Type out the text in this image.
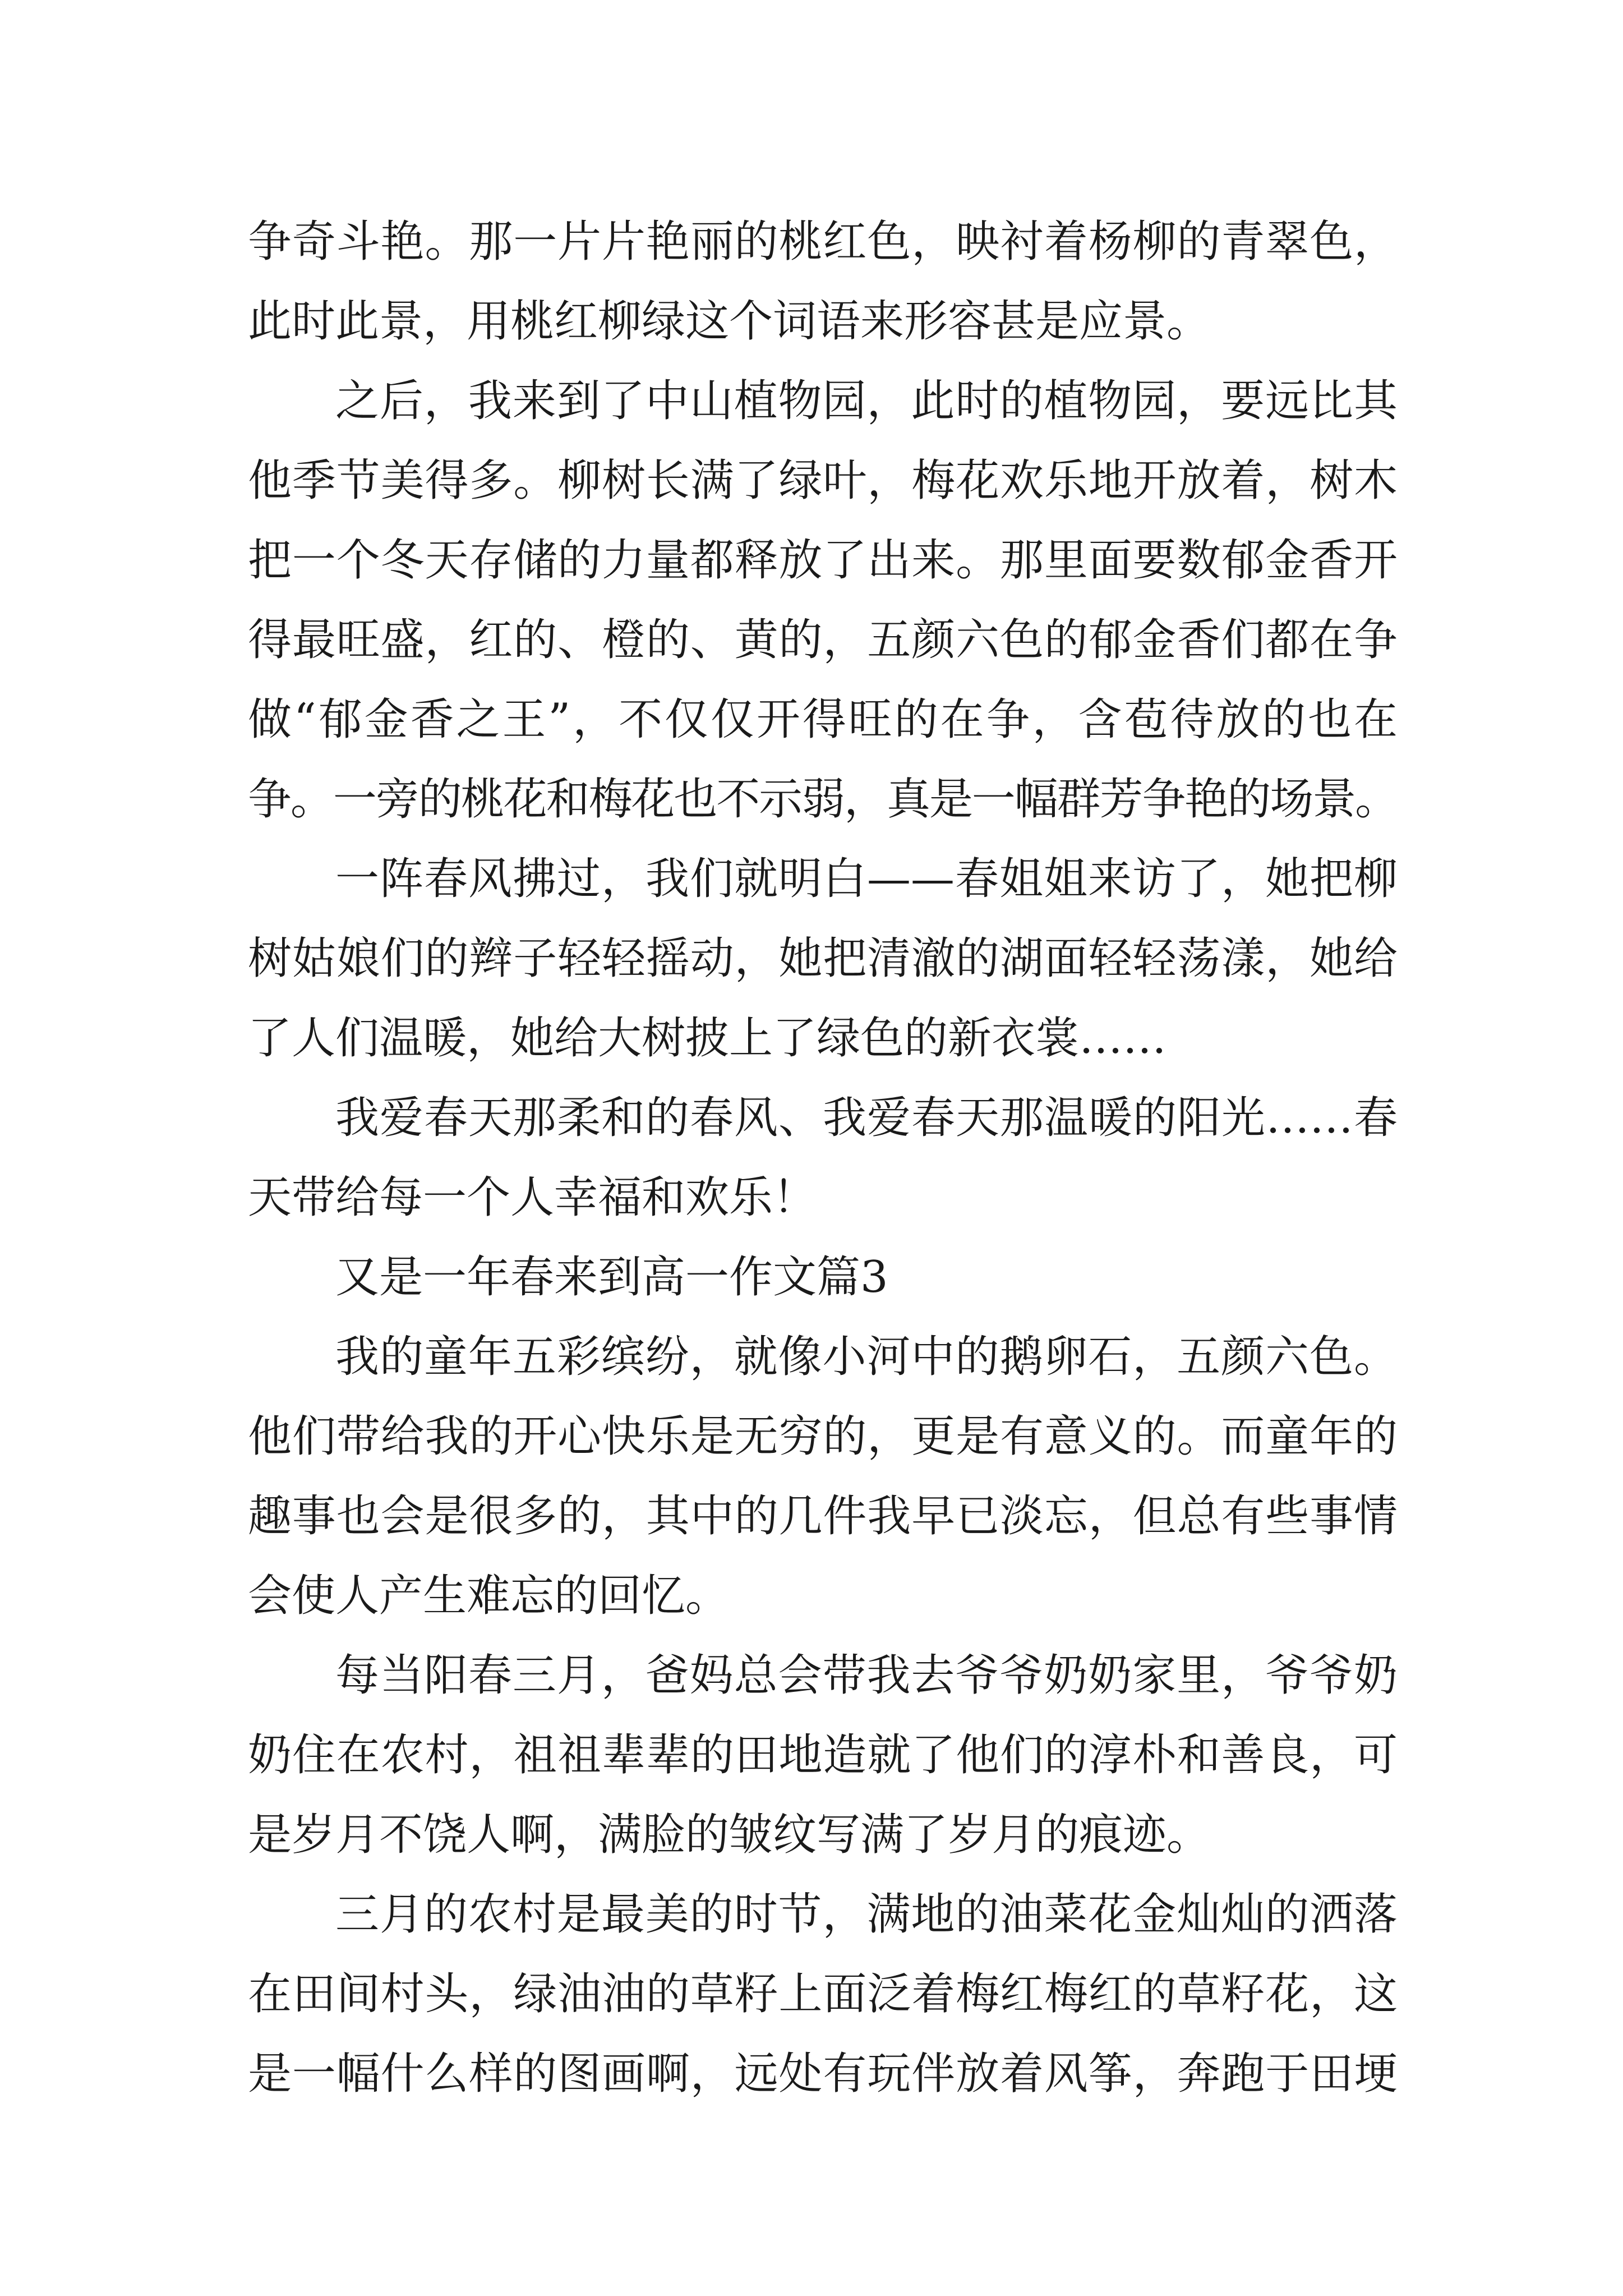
争奇斗艳。那一片片艳丽的桃红色，映衬着杨柳的青翠色，
此时此景，用桃红柳绿这个词语来形容甚是应景。
之后，我来到了中山植物园，此时的植物园，要远比其
他季节美得多。柳树长满了绿叶，梅花欢乐地开放着，树木
把一个冬天存储的力量都释放了出来。那里面要数郁金香开
得最旺盛，红的、橙的、黄的，五颜六色的郁金香们都在争
做“郁金香之王”，不仅仅开得旺的在争，含苞待放的也在
争。一旁的桃花和梅花也不示弱，真是一幅群芳争艳的场景。
一阵春风拂过，我们就明白——春姐姐来访了，她把柳
树姑娘们的辫子轻轻摇动，她把清澈的湖面轻轻荡漾，她给
了人们温暖，她给大树披上了绿色的新衣裳……
我爱春天那柔和的春风、我爱春天那温暖的阳光……春
天带给每一个人幸福和欢乐！
又是一年春来到高一作文篇3
我的童年五彩缤纷，就像小河中的鹅卵石，五颜六色。
他们带给我的开心快乐是无穷的，更是有意义的。而童年的
趣事也会是很多的，其中的几件我早已淡忘，但总有些事情
会使人产生难忘的回忆。
每当阳春三月，爸妈总会带我去爷爷奶奶家里，爷爷奶
奶住在农村，祖祖辈辈的田地造就了他们的淳朴和善良，可
是岁月不饶人啊，满脸的皱纹写满了岁月的痕迹。
三月的农村是最美的时节，满地的油菜花金灿灿的洒落
在田间村头，绿油油的草籽上面泛着梅红梅红的草籽花，这
是一幅什么样的图画啊，远处有玩伴放着风筝，奔跑于田埂
